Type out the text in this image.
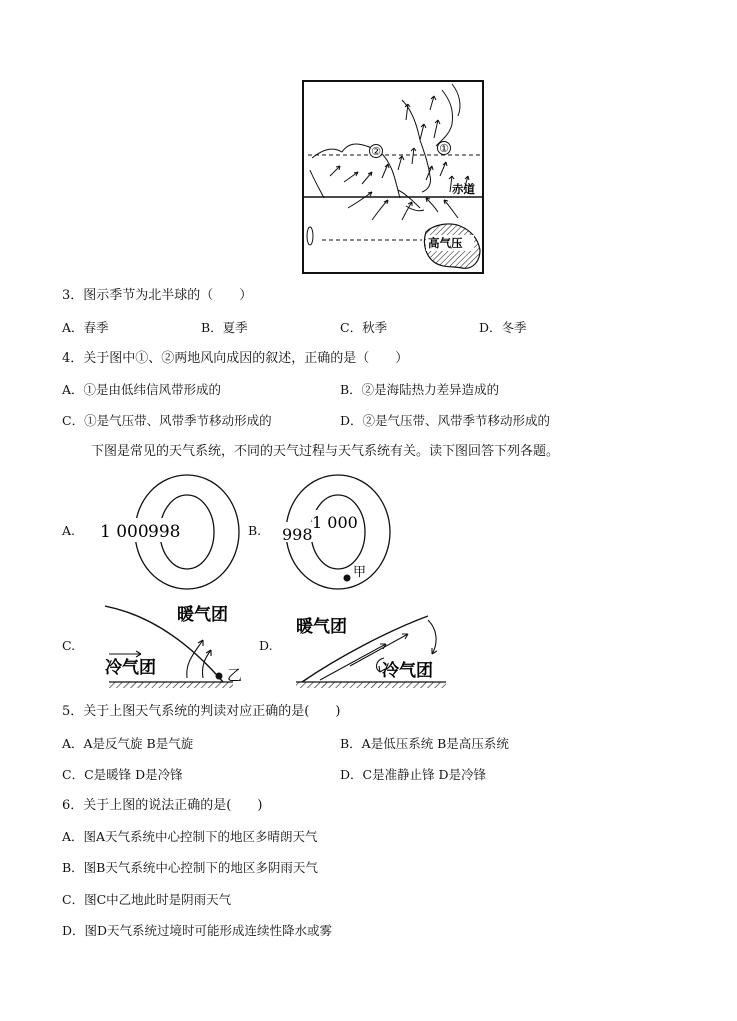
②	①
赤道
高气压
3．图示季节为北半球的（　　）
A．春季	B．夏季	C．秋季	D．冬季
4．关于图中①、②两地风向成因的叙述，正确的是（　　）
A．①是由低纬信风带形成的	B．②是海陆热力差异造成的
C．①是气压带、风带季节移动形成的	D．②是气压带、风带季节移动形成的
下图是常见的天气系统，不同的天气过程与天气系统有关。读下图回答下列各题。
A. 1 000 998	B. 998
1 000
甲
C.
暖气团
冷气团	乙
D.
暖气团
冷气团
5．关于上图天气系统的判读对应正确的是(　　)
A．A是反气旋 B是气旋	B．A是低压系统 B是高压系统
C．C是暖锋 D是冷锋	D．C是准静止锋 D是冷锋
6．关于上图的说法正确的是(　　)
A．图A天气系统中心控制下的地区多晴朗天气
B．图B天气系统中心控制下的地区多阴雨天气
C．图C中乙地此时是阴雨天气
D．图D天气系统过境时可能形成连续性降水或雾
